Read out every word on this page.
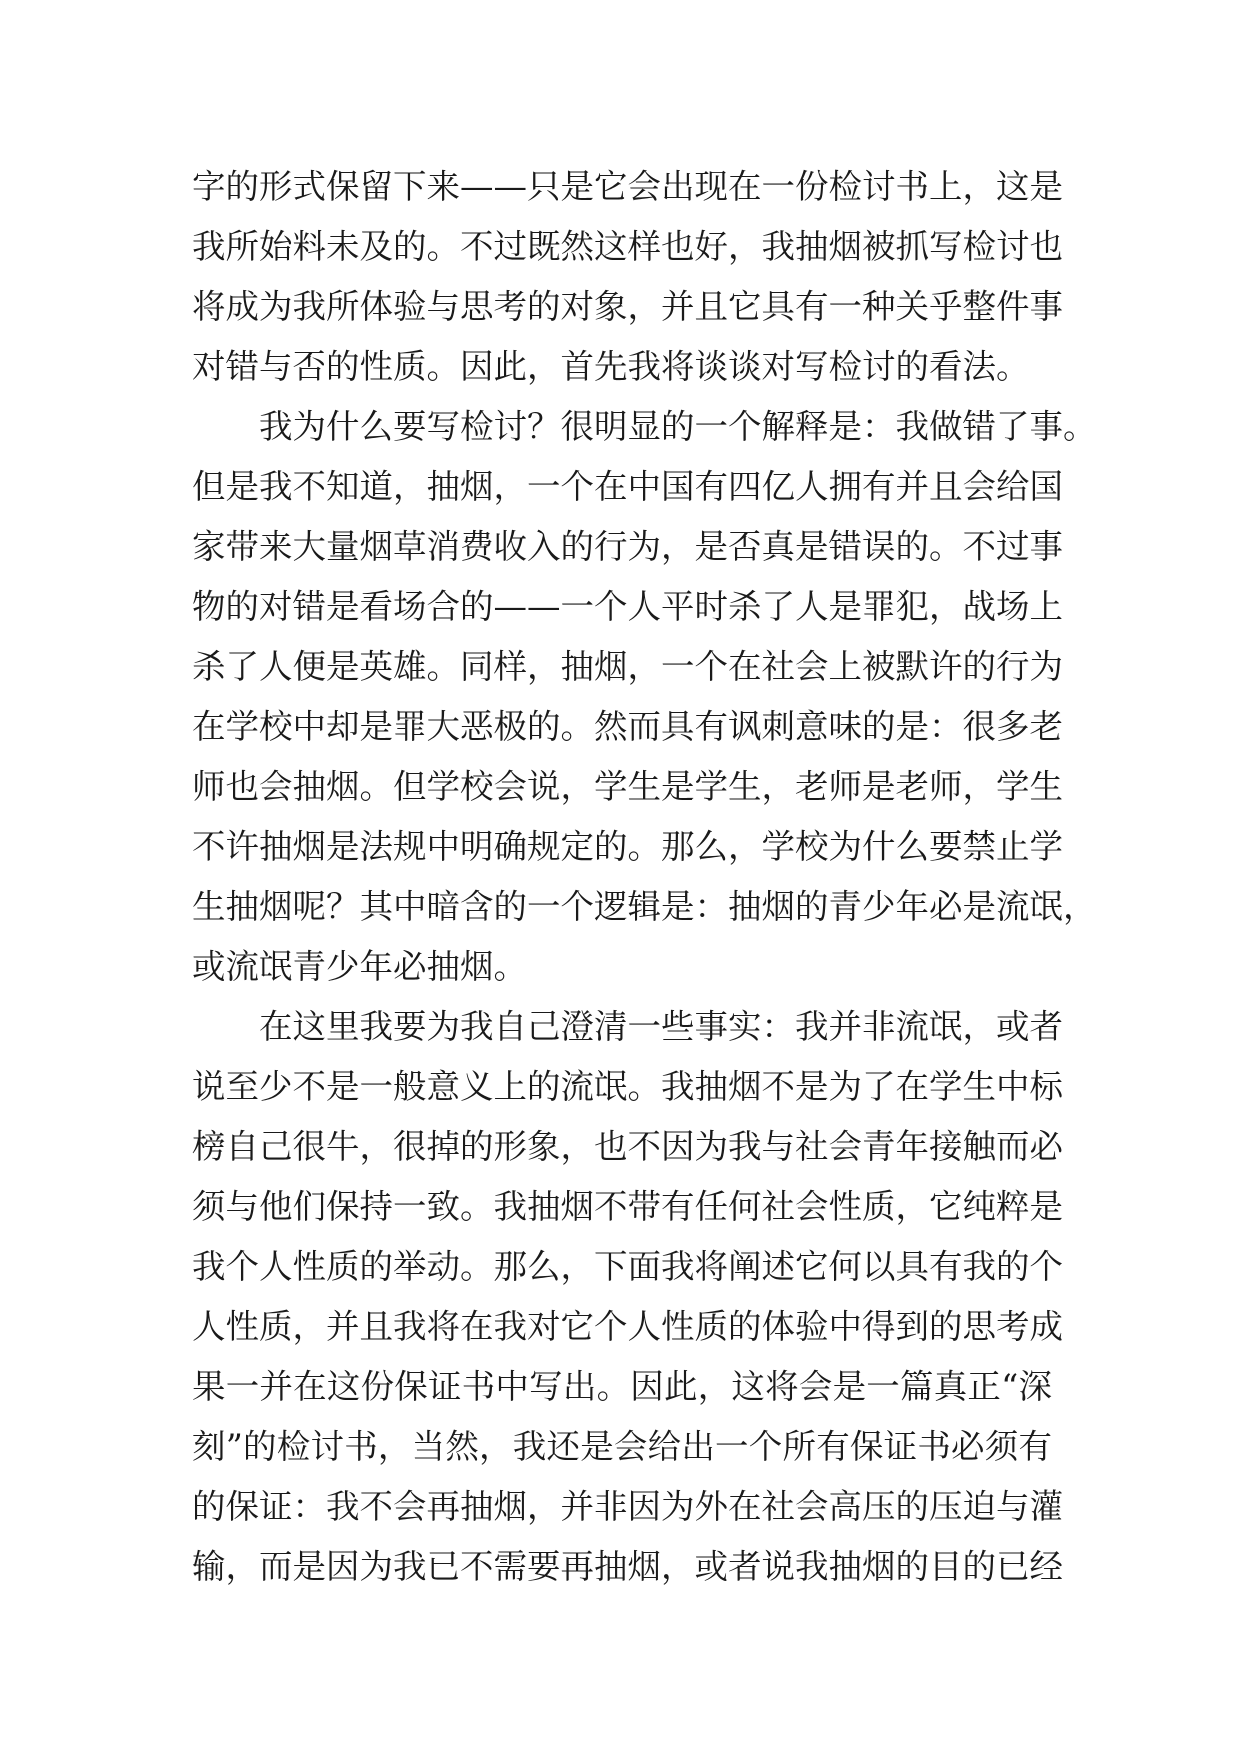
字的形式保留下来——只是它会出现在一份检讨书上，这是

我所始料未及的。不过既然这样也好，我抽烟被抓写检讨也

将成为我所体验与思考的对象，并且它具有一种关乎整件事

对错与否的性质。因此，首先我将谈谈对写检讨的看法。

我为什么要写检讨？很明显的一个解释是：我做错了事。

但是我不知道，抽烟，一个在中国有四亿人拥有并且会给国

家带来大量烟草消费收入的行为，是否真是错误的。不过事

物的对错是看场合的——一个人平时杀了人是罪犯，战场上

杀了人便是英雄。同样，抽烟，一个在社会上被默许的行为

在学校中却是罪大恶极的。然而具有讽刺意味的是：很多老

师也会抽烟。但学校会说，学生是学生，老师是老师，学生

不许抽烟是法规中明确规定的。那么，学校为什么要禁止学

生抽烟呢？其中暗含的一个逻辑是：抽烟的青少年必是流氓，

或流氓青少年必抽烟。

在这里我要为我自己澄清一些事实：我并非流氓，或者

说至少不是一般意义上的流氓。我抽烟不是为了在学生中标

榜自己很牛，很掉的形象，也不因为我与社会青年接触而必

须与他们保持一致。我抽烟不带有任何社会性质，它纯粹是

我个人性质的举动。那么，下面我将阐述它何以具有我的个

人性质，并且我将在我对它个人性质的体验中得到的思考成

果一并在这份保证书中写出。因此，这将会是一篇真正“深

刻”的检讨书，当然，我还是会给出一个所有保证书必须有

的保证：我不会再抽烟，并非因为外在社会高压的压迫与灌

输，而是因为我已不需要再抽烟，或者说我抽烟的目的已经
